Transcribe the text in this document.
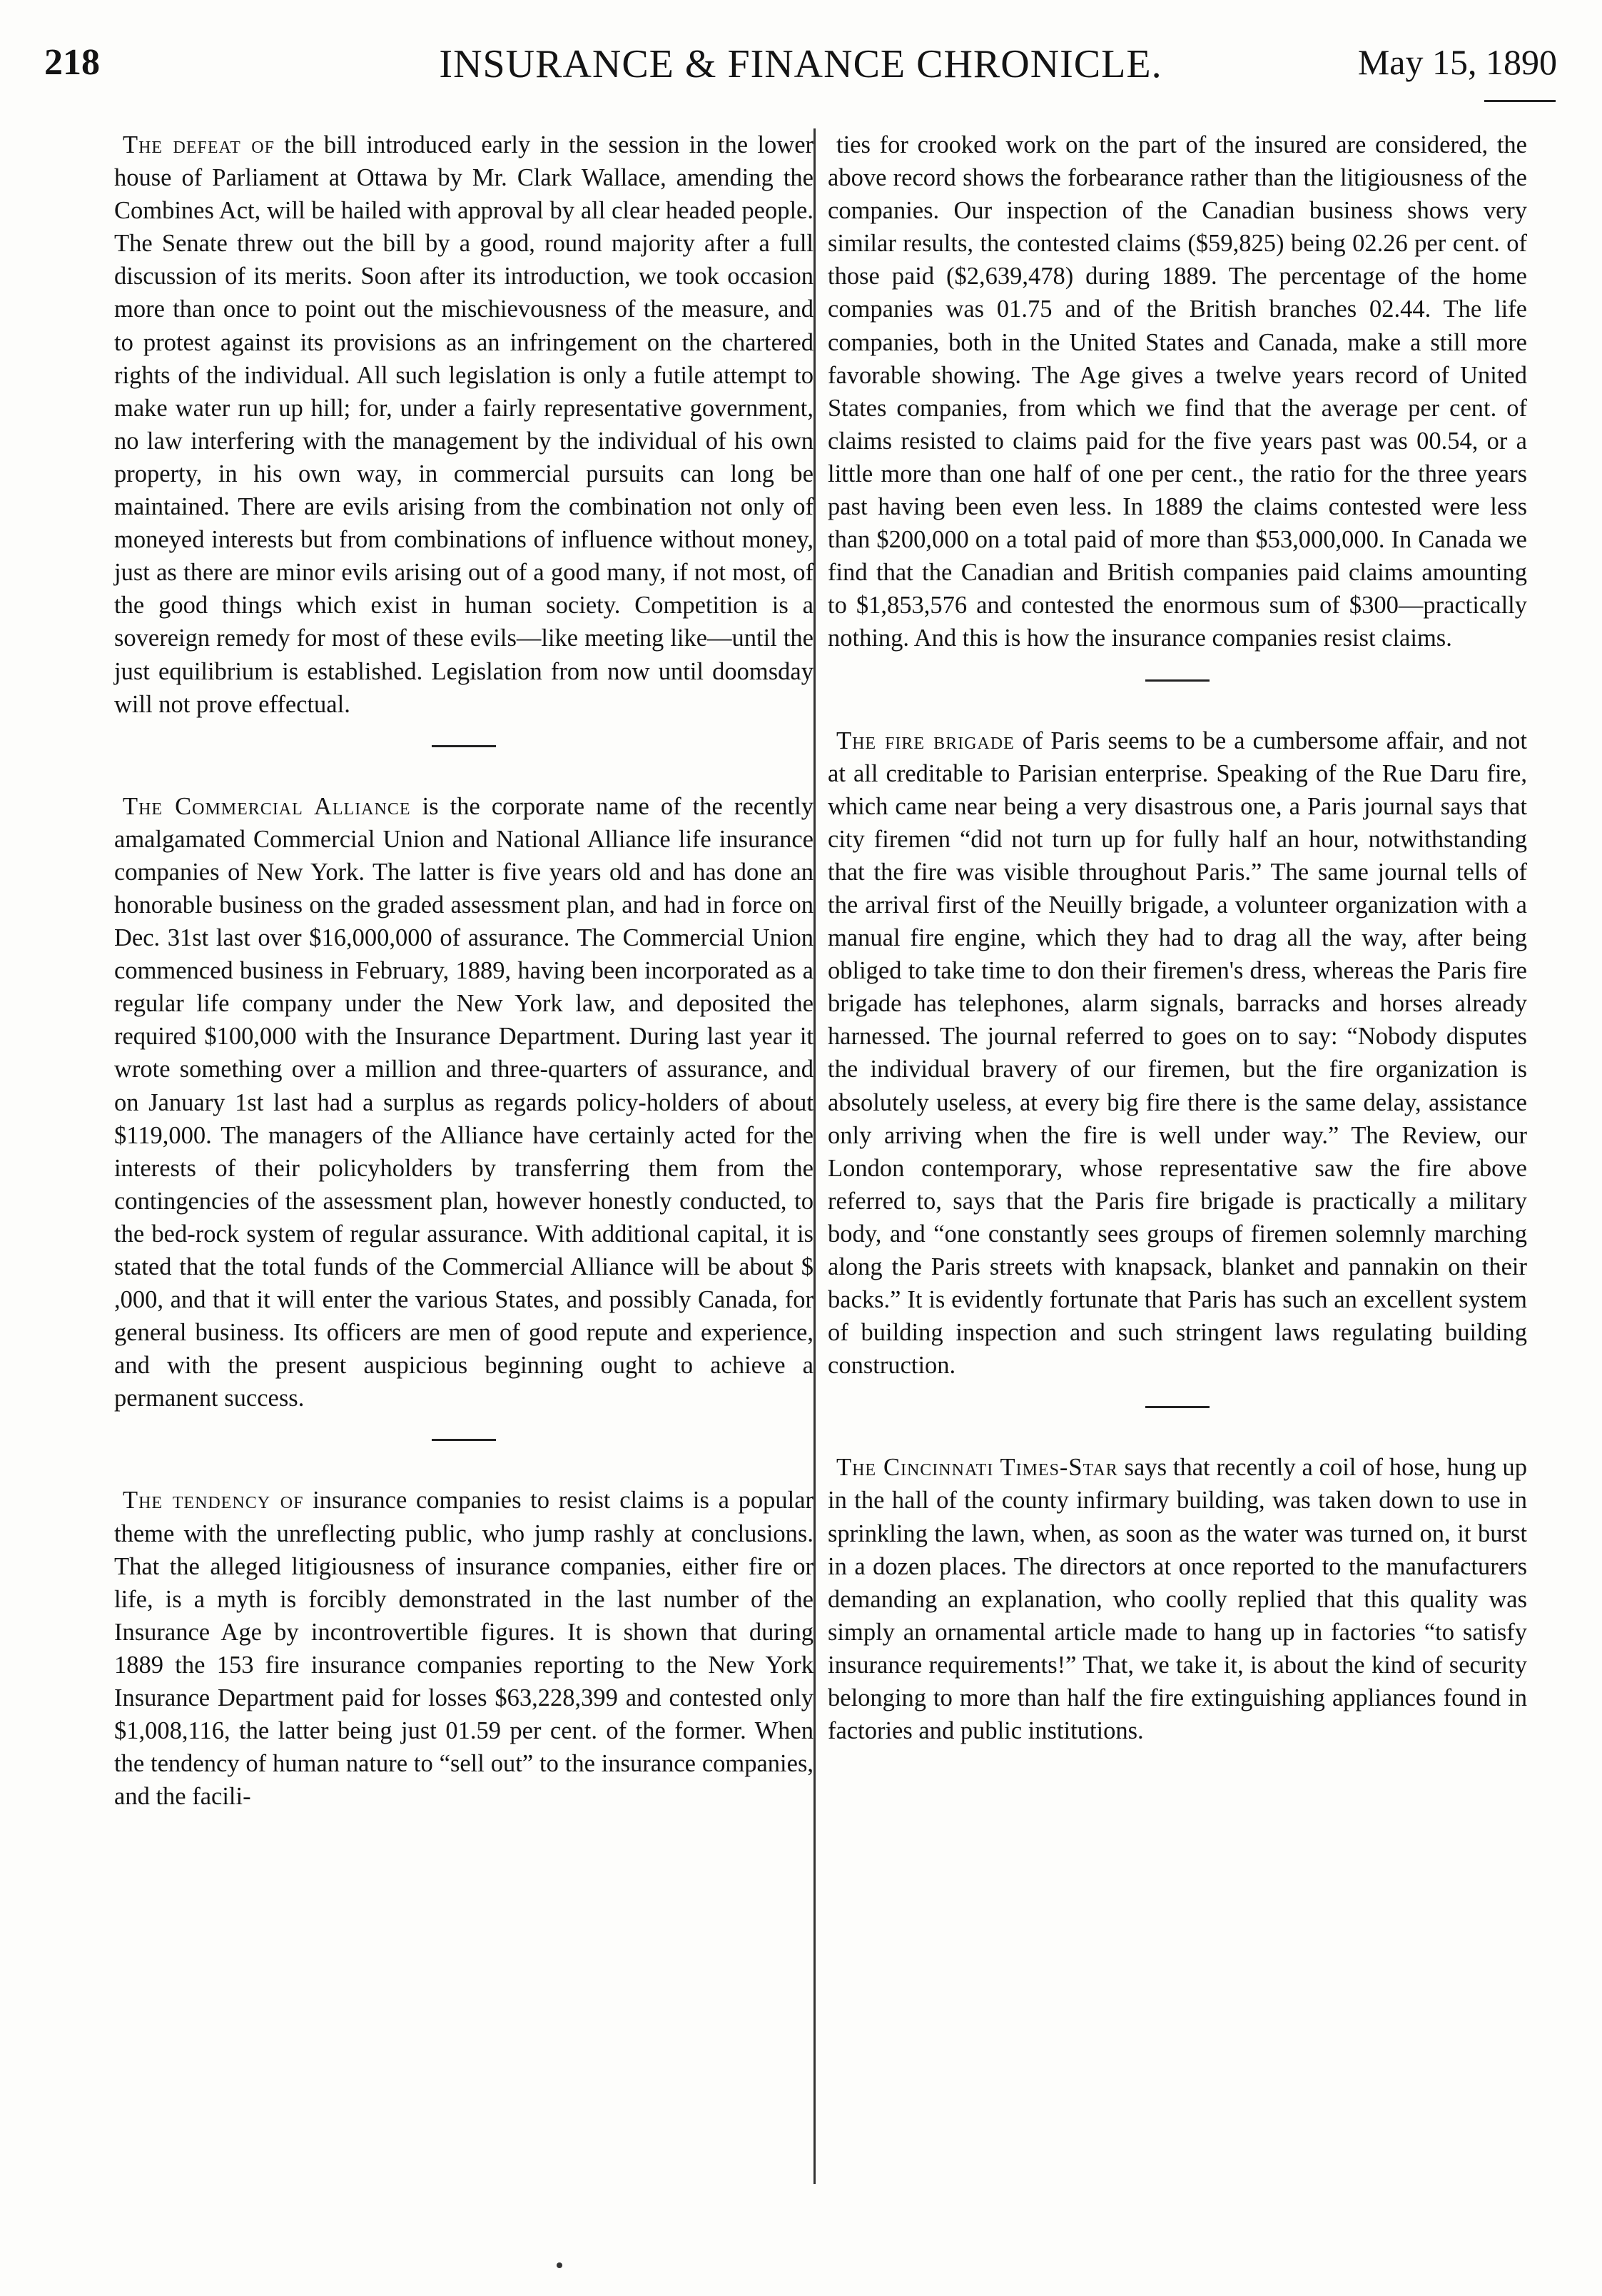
218	INSURANCE & FINANCE CHRONICLE.	May 15, 1890

The defeat of the bill introduced early in the session in the lower house of Parliament at Ottawa by Mr. Clark Wallace, amending the Combines Act, will be hailed with approval by all clear headed people. The Senate threw out the bill by a good, round majority after a full discussion of its merits. Soon after its introduction, we took occasion more than once to point out the mischievousness of the measure, and to protest against its provisions as an infringement on the chartered rights of the individual. All such legislation is only a futile attempt to make water run up hill; for, under a fairly representative government, no law interfering with the management by the individual of his own property, in his own way, in commercial pursuits can long be maintained. There are evils arising from the combination not only of moneyed interests but from combinations of influence without money, just as there are minor evils arising out of a good many, if not most, of the good things which exist in human society. Competition is a sovereign remedy for most of these evils—like meeting like—until the just equilibrium is established. Legislation from now until doomsday will not prove effectual.

The Commercial Alliance is the corporate name of the recently amalgamated Commercial Union and National Alliance life insurance companies of New York. The latter is five years old and has done an honorable business on the graded assessment plan, and had in force on Dec. 31st last over $16,000,000 of assurance. The Commercial Union commenced business in February, 1889, having been incorporated as a regular life company under the New York law, and deposited the required $100,000 with the Insurance Department. During last year it wrote something over a million and three-quarters of assurance, and on January 1st last had a surplus as regards policy-holders of about $119,000. The managers of the Alliance have certainly acted for the interests of their policyholders by transferring them from the contingencies of the assessment plan, however honestly conducted, to the bed-rock system of regular assurance. With additional capital, it is stated that the total funds of the Commercial Alliance will be about $ ,000, and that it will enter the various States, and possibly Canada, for general business. Its officers are men of good repute and experience, and with the present auspicious beginning ought to achieve a permanent success.

The tendency of insurance companies to resist claims is a popular theme with the unreflecting public, who jump rashly at conclusions. That the alleged litigiousness of insurance companies, either fire or life, is a myth is forcibly demonstrated in the last number of the Insurance Age by incontrovertible figures. It is shown that during 1889 the 153 fire insurance companies reporting to the New York Insurance Department paid for losses $63,228,399 and contested only $1,008,116, the latter being just 01.59 per cent. of the former. When the tendency of human nature to “sell out” to the insurance companies, and the facili-

ties for crooked work on the part of the insured are considered, the above record shows the forbearance rather than the litigiousness of the companies. Our inspection of the Canadian business shows very similar results, the contested claims ($59,825) being 02.26 per cent. of those paid ($2,639,478) during 1889. The percentage of the home companies was 01.75 and of the British branches 02.44. The life companies, both in the United States and Canada, make a still more favorable showing. The Age gives a twelve years record of United States companies, from which we find that the average per cent. of claims resisted to claims paid for the five years past was 00.54, or a little more than one half of one per cent., the ratio for the three years past having been even less. In 1889 the claims contested were less than $200,000 on a total paid of more than $53,000,000. In Canada we find that the Canadian and British companies paid claims amounting to $1,853,576 and contested the enormous sum of $300—practically nothing. And this is how the insurance companies resist claims.

The fire brigade of Paris seems to be a cumbersome affair, and not at all creditable to Parisian enterprise. Speaking of the Rue Daru fire, which came near being a very disastrous one, a Paris journal says that city firemen “did not turn up for fully half an hour, notwithstanding that the fire was visible throughout Paris.” The same journal tells of the arrival first of the Neuilly brigade, a volunteer organization with a manual fire engine, which they had to drag all the way, after being obliged to take time to don their firemen's dress, whereas the Paris fire brigade has telephones, alarm signals, barracks and horses already harnessed. The journal referred to goes on to say: “Nobody disputes the individual bravery of our firemen, but the fire organization is absolutely useless, at every big fire there is the same delay, assistance only arriving when the fire is well under way.” The Review, our London contemporary, whose representative saw the fire above referred to, says that the Paris fire brigade is practically a military body, and “one constantly sees groups of firemen solemnly marching along the Paris streets with knapsack, blanket and pannakin on their backs.” It is evidently fortunate that Paris has such an excellent system of building inspection and such stringent laws regulating building construction.

The Cincinnati Times-Star says that recently a coil of hose, hung up in the hall of the county infirmary building, was taken down to use in sprinkling the lawn, when, as soon as the water was turned on, it burst in a dozen places. The directors at once reported to the manufacturers demanding an explanation, who coolly replied that this quality was simply an ornamental article made to hang up in factories “to satisfy insurance requirements!” That, we take it, is about the kind of security belonging to more than half the fire extinguishing appliances found in factories and public institutions.
